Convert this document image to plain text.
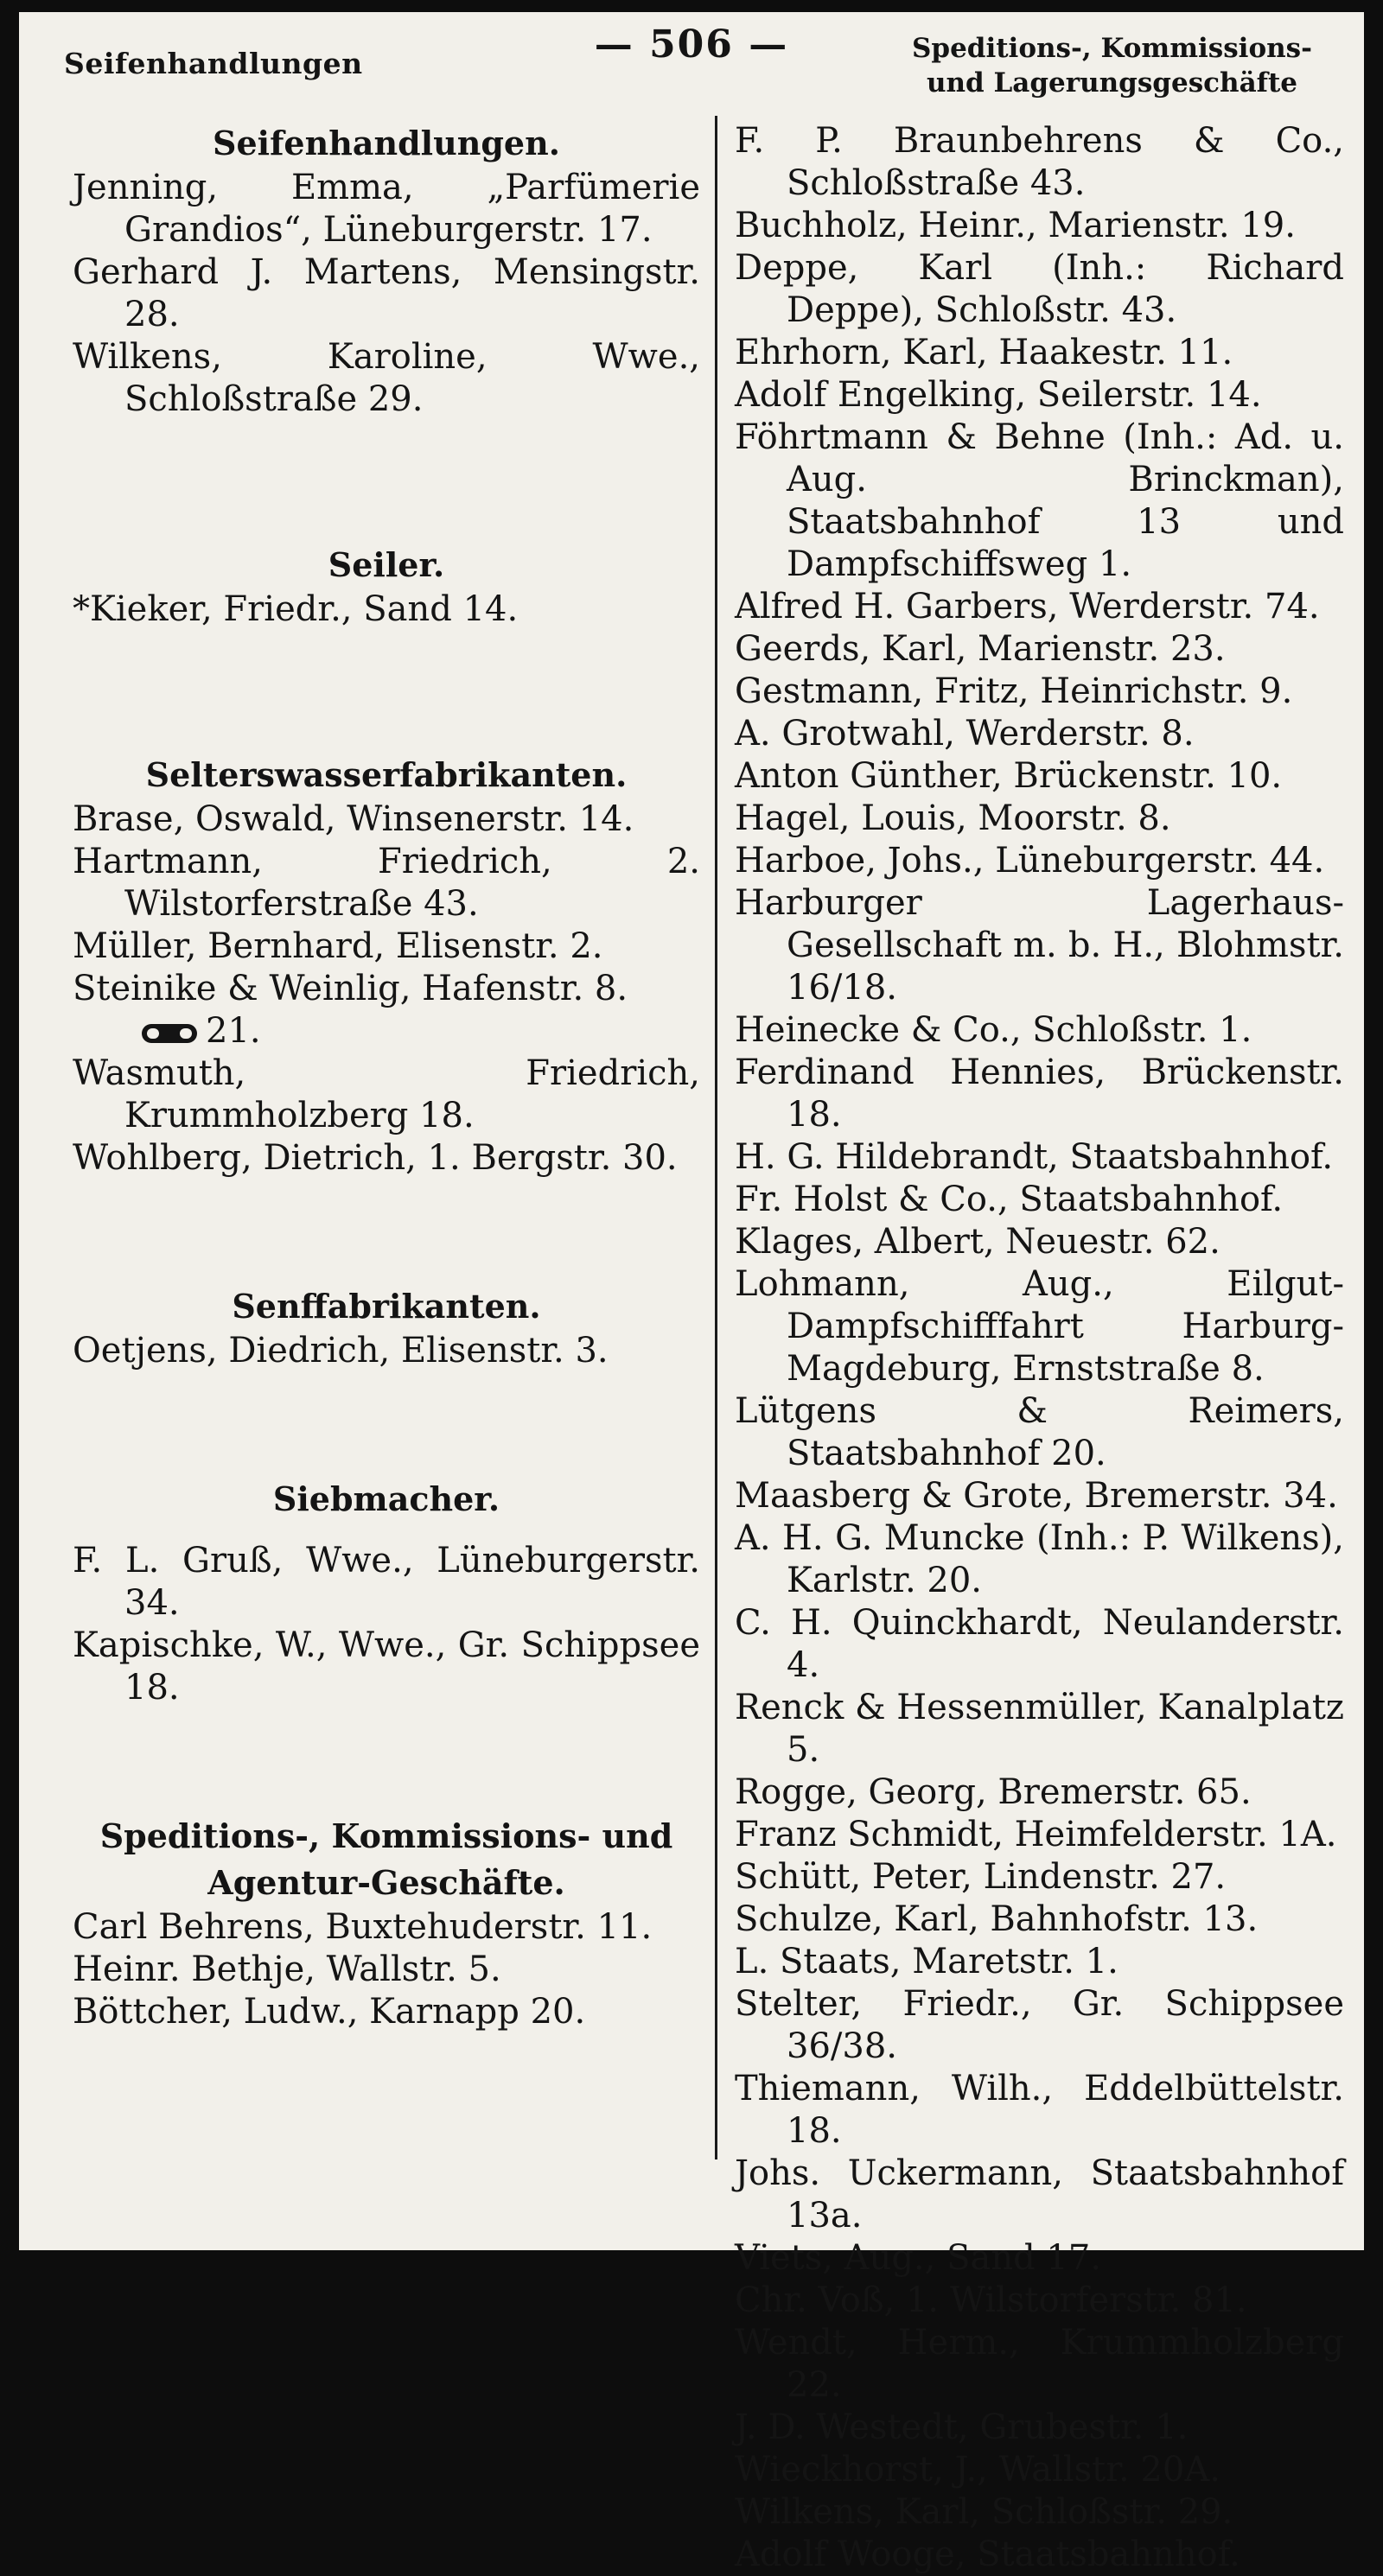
Seifenhandlungen	— 506 —	Speditions-, Kommissions-
und Lagerungsgeschäfte

Seifenhandlungen.

Jenning, Emma, „Parfümerie Grandios“, Lüneburgerstr. 17.

Gerhard J. Martens, Mensingstr. 28.

Wilkens, Karoline, Wwe., Schloßstraße 29.

Seiler.

*Kieker, Friedr., Sand 14.

Selterswasserfabrikanten.

Brase, Oswald, Winsenerstr. 14.

Hartmann, Friedrich, 2. Wilstorferstraße 43.

Müller, Bernhard, Elisenstr. 2.

Steinike & Weinlig, Hafenstr. 8.

21.

Wasmuth, Friedrich, Krummholzberg 18.

Wohlberg, Dietrich, 1. Bergstr. 30.

Senffabrikanten.

Oetjens, Diedrich, Elisenstr. 3.

Siebmacher.

F. L. Gruß, Wwe., Lüneburgerstr. 34.

Kapischke, W., Wwe., Gr. Schippsee 18.

Speditions-, Kommissions- und

Agentur-Geschäfte.

Carl Behrens, Buxtehuderstr. 11.

Heinr. Bethje, Wallstr. 5.

Böttcher, Ludw., Karnapp 20.

F. P. Braunbehrens & Co., Schloßstraße 43.

Buchholz, Heinr., Marienstr. 19.

Deppe, Karl (Inh.: Richard Deppe), Schloßstr. 43.

Ehrhorn, Karl, Haakestr. 11.

Adolf Engelking, Seilerstr. 14.

Föhrtmann & Behne (Inh.: Ad. u. Aug. Brinckman), Staatsbahnhof 13 und Dampfschiffsweg 1.

Alfred H. Garbers, Werderstr. 74.

Geerds, Karl, Marienstr. 23.

Gestmann, Fritz, Heinrichstr. 9.

A. Grotwahl, Werderstr. 8.

Anton Günther, Brückenstr. 10.

Hagel, Louis, Moorstr. 8.

Harboe, Johs., Lüneburgerstr. 44.

Harburger Lagerhaus-Gesellschaft m. b. H., Blohmstr. 16/18.

Heinecke & Co., Schloßstr. 1.

Ferdinand Hennies, Brückenstr. 18.

H. G. Hildebrandt, Staatsbahnhof.

Fr. Holst & Co., Staatsbahnhof.

Klages, Albert, Neuestr. 62.

Lohmann, Aug., Eilgut-Dampfschifffahrt Harburg-Magdeburg, Ernststraße 8.

Lütgens & Reimers, Staatsbahnhof 20.

Maasberg & Grote, Bremerstr. 34.

A. H. G. Muncke (Inh.: P. Wilkens), Karlstr. 20.

C. H. Quinckhardt, Neulanderstr. 4.

Renck & Hessenmüller, Kanalplatz 5.

Rogge, Georg, Bremerstr. 65.

Franz Schmidt, Heimfelderstr. 1A.

Schütt, Peter, Lindenstr. 27.

Schulze, Karl, Bahnhofstr. 13.

L. Staats, Maretstr. 1.

Stelter, Friedr., Gr. Schippsee 36/38.

Thiemann, Wilh., Eddelbüttelstr. 18.

Johs. Uckermann, Staatsbahnhof 13a.

Viets, Aug., Sand 17.

Chr. Voß, 1. Wilstorferstr. 81.

Wendt, Herm., Krummholzberg 22.

J. D. Westedt, Grubestr. 1.

Wieckhorst, J., Wallstr. 20A.

Wilkens, Karl, Schloßstr. 29.

Adolf Wooge, Staatsbahnhof.
